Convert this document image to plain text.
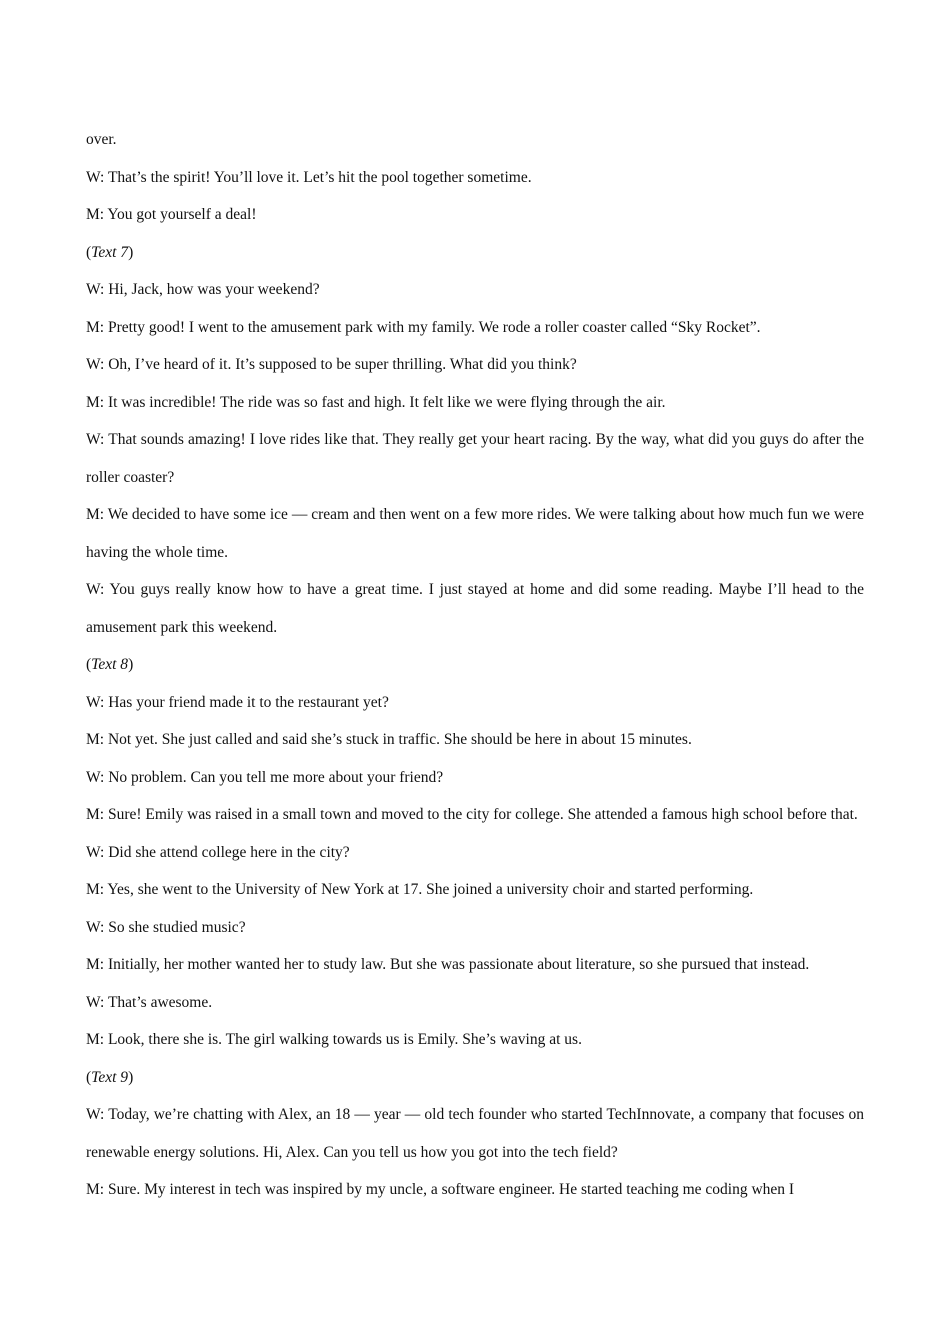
over.

W: That’s the spirit! You’ll love it. Let’s hit the pool together sometime.

M: You got yourself a deal!

(Text 7)

W: Hi, Jack, how was your weekend?

M: Pretty good! I went to the amusement park with my family. We rode a roller coaster called “Sky Rocket”.

W: Oh, I’ve heard of it. It’s supposed to be super thrilling. What did you think?

M: It was incredible! The ride was so fast and high. It felt like we were flying through the air.

W: That sounds amazing! I love rides like that. They really get your heart racing. By the way, what did you guys do after the roller coaster?

M: We decided to have some ice — cream and then went on a few more rides. We were talking about how much fun we were having the whole time.

W: You guys really know how to have a great time. I just stayed at home and did some reading. Maybe I’ll head to the amusement park this weekend.

(Text 8)

W: Has your friend made it to the restaurant yet?

M: Not yet. She just called and said she’s stuck in traffic. She should be here in about 15 minutes.

W: No problem. Can you tell me more about your friend?

M: Sure! Emily was raised in a small town and moved to the city for college. She attended a famous high school before that.

W: Did she attend college here in the city?

M: Yes, she went to the University of New York at 17. She joined a university choir and started performing.

W: So she studied music?

M: Initially, her mother wanted her to study law. But she was passionate about literature, so she pursued that instead.

W: That’s awesome.

M: Look, there she is. The girl walking towards us is Emily. She’s waving at us.

(Text 9)

W: Today, we’re chatting with Alex, an 18 — year — old tech founder who started TechInnovate, a company that focuses on renewable energy solutions. Hi, Alex. Can you tell us how you got into the tech field?

M: Sure. My interest in tech was inspired by my uncle, a software engineer. He started teaching me coding when I
